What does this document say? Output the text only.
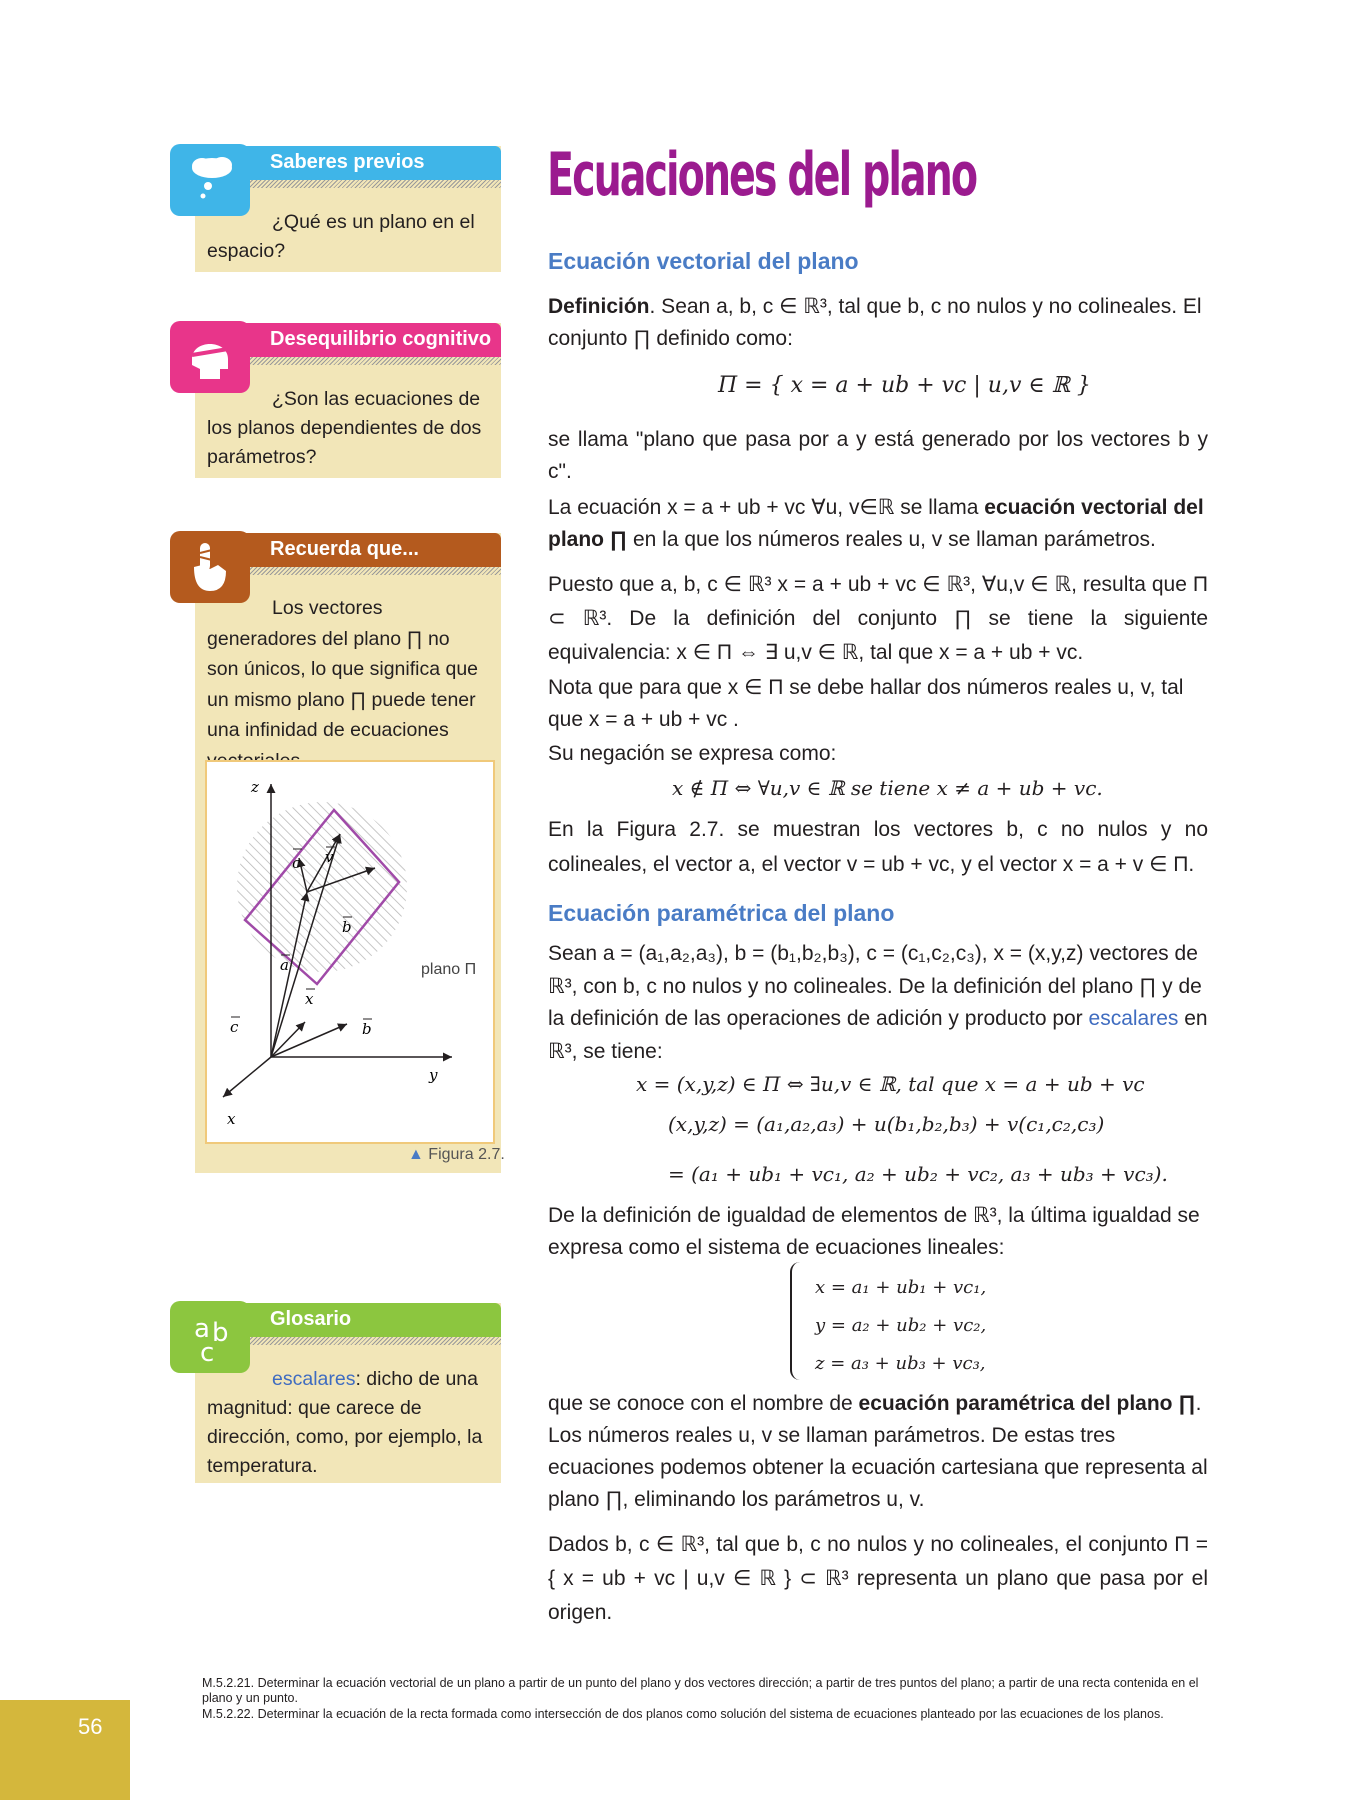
Saberes previos
¿Qué es un plano en el espacio?
Desequilibrio cognitivo
¿Son las ecuaciones de los planos dependientes de dos parámetros?
Recuerda que...
Los vectores generadores del plano ∏ no son únicos, lo que significa que un mismo plano ∏ puede tener una infinidad de ecuaciones
z
y
x
a
c
c
b
b
v
x
plano Π
▲ Figura 2.7.
Glosario
a b
c
escalares: dicho de una magnitud: que carece de dirección, como, por ejemplo, la temperatura.
Ecuaciones del plano
Ecuación vectorial del plano
Definición. Sean a, b, c ∈ ℝ³, tal que b, c no nulos y no colineales. El conjunto ∏ definido como:
Π = { x = a + ub + vc | u,v ∈ ℝ }
se llama "plano que pasa por a y está generado por los vectores b y c".
La ecuación x = a + ub + vc ∀u, v∈ℝ se llama ecuación vectorial del plano ∏ en la que los números reales u, v se llaman parámetros.
Puesto que a, b, c ∈ ℝ³ x = a + ub + vc ∈ ℝ³, ∀u,v ∈ ℝ, resulta que Π ⊂ ℝ³. De la definición del conjunto ∏ se tiene la siguiente equivalencia: x ∈ Π ⇔ ∃ u,v ∈ ℝ, tal que x = a + ub + vc.
Nota que para que x ∈ Π se debe hallar dos números reales u, v, tal que x = a + ub + vc .
Su negación se expresa como:
x ∉ Π ⇔ ∀u,v ∈ ℝ se tiene x ≠ a + ub + vc.
En la Figura 2.7. se muestran los vectores b, c no nulos y no colineales, el vector a, el vector v = ub + vc, y el vector x = a + v ∈ Π.
Ecuación paramétrica del plano
Sean a = (a₁,a₂,a₃), b = (b₁,b₂,b₃), c = (c₁,c₂,c₃), x = (x,y,z) vectores de ℝ³, con b, c no nulos y no colineales. De la definición del plano ∏ y de la definición de las operaciones de adición y producto por escalares en ℝ³, se tiene:
x = (x,y,z) ∈ Π ⇔ ∃u,v ∈ ℝ, tal que x = a + ub + vc
(x,y,z) = (a₁,a₂,a₃) + u(b₁,b₂,b₃) + v(c₁,c₂,c₃)
= (a₁ + ub₁ + vc₁, a₂ + ub₂ + vc₂, a₃ + ub₃ + vc₃).
De la definición de igualdad de elementos de ℝ³, la última igualdad se expresa como el sistema de ecuaciones lineales:
x = a₁ + ub₁ + vc₁,
y = a₂ + ub₂ + vc₂,
z = a₃ + ub₃ + vc₃,
que se conoce con el nombre de ecuación paramétrica del plano ∏. Los números reales u, v se llaman parámetros. De estas tres ecuaciones podemos obtener la ecuación cartesiana que representa al plano ∏, eliminando los parámetros u, v.
Dados b, c ∈ ℝ³, tal que b, c no nulos y no colineales, el conjunto Π = { x = ub + vc | u,v ∈ ℝ } ⊂ ℝ³ representa un plano que pasa por el origen.
M.5.2.21. Determinar la ecuación vectorial de un plano a partir de un punto del plano y dos vectores dirección; a partir de tres puntos del plano; a partir de una recta contenida en el plano y un punto.
M.5.2.22. Determinar la ecuación de la recta formada como intersección de dos planos como solución del sistema de ecuaciones planteado por las ecuaciones de los planos.
56
